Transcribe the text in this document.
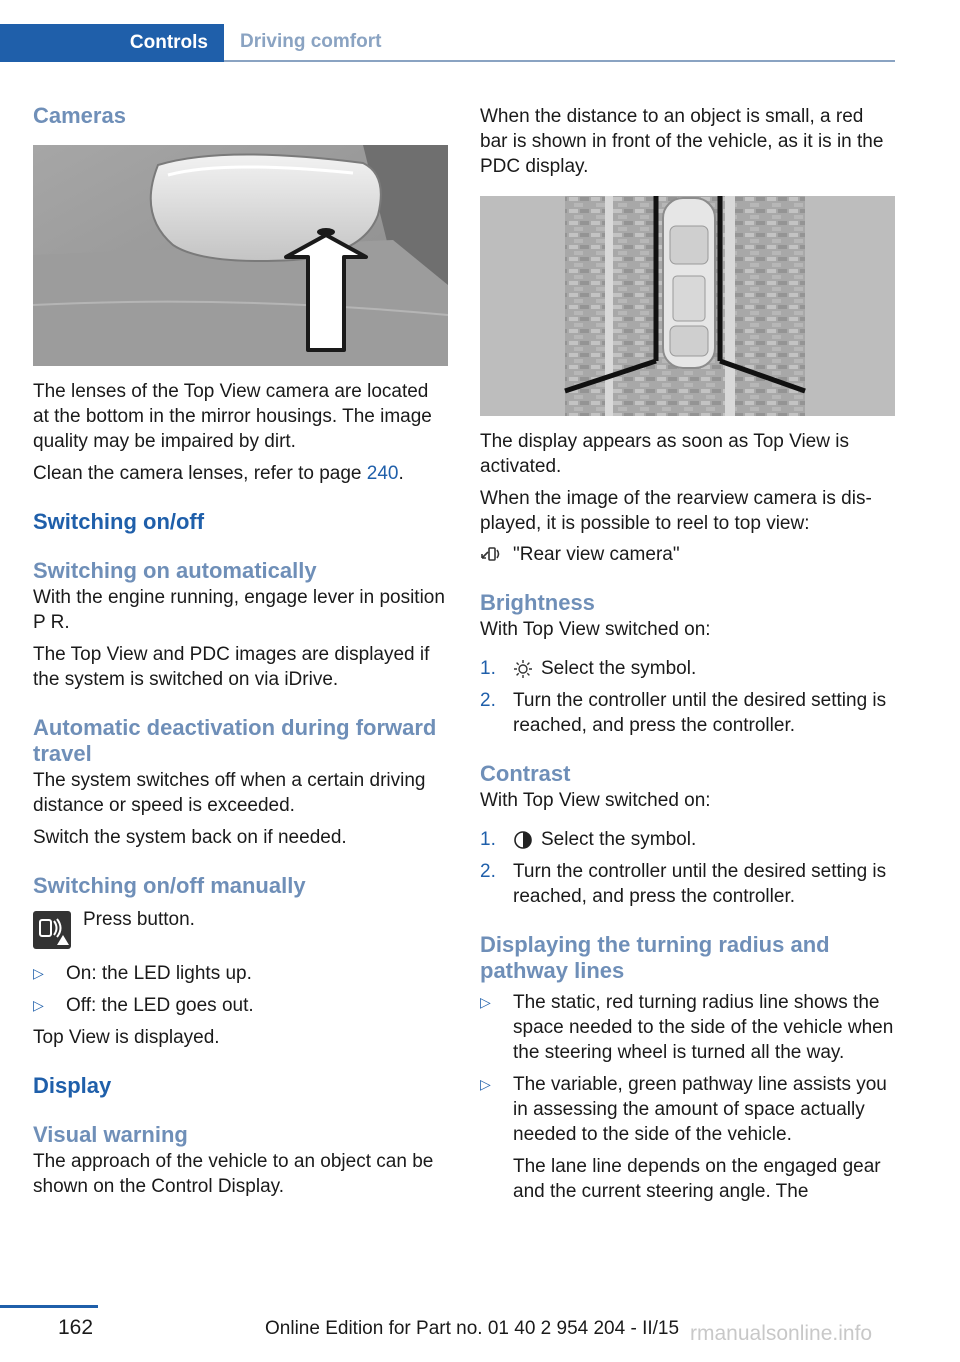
Controls	Driving comfort
Cameras

The lenses of the Top View camera are located at the bottom in the mirror housings. The image quality may be impaired by dirt.

Clean the camera lenses, refer to page 240.

Switching on/off
Switching on automatically

With the engine running, engage lever in position P R.

The Top View and PDC images are displayed if the system is switched on via iDrive.

Automatic deactivation during forward travel

The system switches off when a certain driving distance or speed is exceeded.

Switch the system back on if needed.

Switching on/off manually
Press button.
▷ On: the LED lights up.
▷ Off: the LED goes out.

Top View is displayed.

Display
Visual warning

The approach of the vehicle to an object can be shown on the Control Display.

When the distance to an object is small, a red bar is shown in front of the vehicle, as it is in the PDC display.

The display appears as soon as Top View is activated.

When the image of the rearview camera is displayed, it is possible to reel to top view:

"Rear view camera"
Brightness

With Top View switched on:

1. Select the symbol.
2. Turn the controller until the desired setting is reached, and press the controller.
Contrast

With Top View switched on:

1. Select the symbol.
2. Turn the controller until the desired setting is reached, and press the controller.
Displaying the turning radius and pathway lines
▷ The static, red turning radius line shows the space needed to the side of the vehicle when the steering wheel is turned all the way.
▷ The variable, green pathway line assists you in assessing the amount of space actually needed to the side of the vehicle.

The lane line depends on the engaged gear and the current steering angle. The

162	Online Edition for Part no. 01 40 2 954 204 - II/15 rmanualsonline.info
